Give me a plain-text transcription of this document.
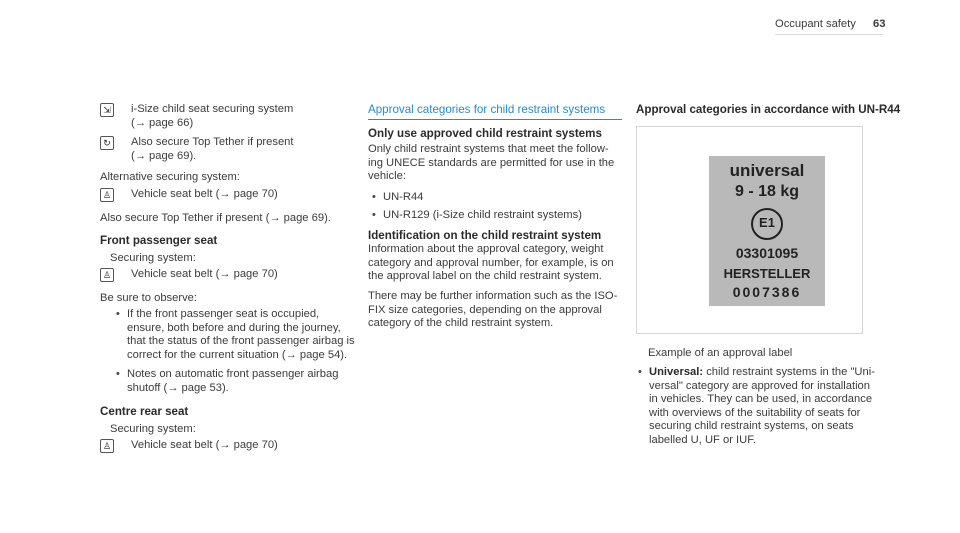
Occupant safety 63
⇲ i-Size child seat securing system
(→ page 66)
↻ Also secure Top Tether if present
(→ page 69).
Alternative securing system:
♙ Vehicle seat belt (→ page 70)
Also secure Top Tether if present (→ page 69).
Front passenger seat
Securing system:
♙ Vehicle seat belt (→ page 70)
Be sure to observe:
• If the front passenger seat is occupied,
ensure, both before and during the journey,
that the status of the front passenger airbag is
correct for the current situation (→ page 54).
• Notes on automatic front passenger airbag
shutoff (→ page 53).
Centre rear seat
Securing system:
♙ Vehicle seat belt (→ page 70)
Approval categories for child restraint systems
Only use approved child restraint systems
Only child restraint systems that meet the follow-
ing UNECE standards are permitted for use in the
vehicle:
• UN-R44
• UN-R129 (i-Size child restraint systems)
Identification on the child restraint system
Information about the approval category, weight
category and approval number, for example, is on
the approval label on the child restraint system.
There may be further information such as the ISO-
FIX size categories, depending on the approval
category of the child restraint system.
Approval categories in accordance with UN-R44
universal
9 - 18 kg
E1
03301095
HERSTELLER
0007386
Example of an approval label
• Universal: child restraint systems in the "Uni-
versal" category are approved for installation
in vehicles. They can be used, in accordance
with overviews of the suitability of seats for
securing child restraint systems, on seats
labelled U, UF or IUF.
